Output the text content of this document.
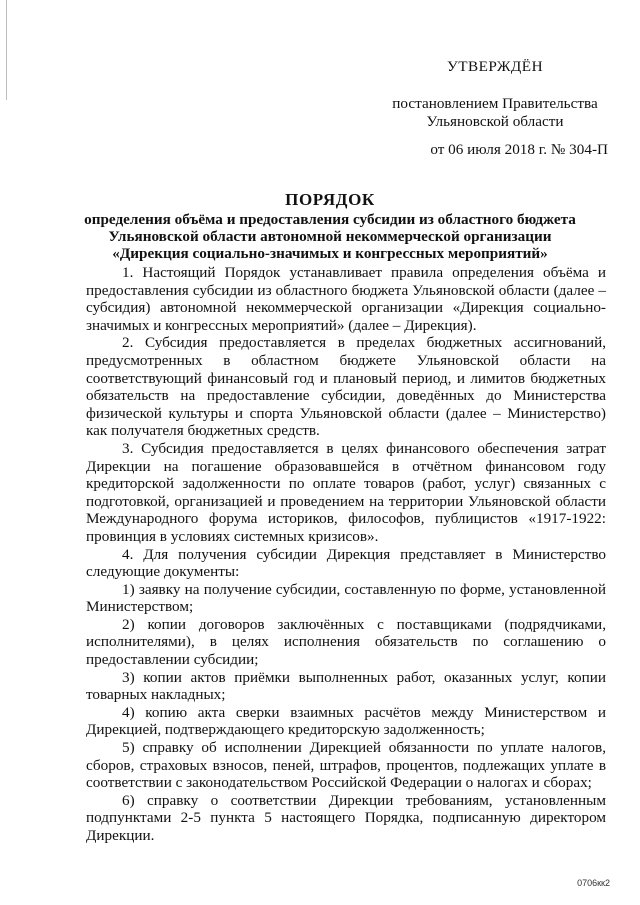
УТВЕРЖДЁН
постановлением Правительства Ульяновской области
от 06 июля 2018 г. № 304-П
ПОРЯДОК
определения объёма и предоставления субсидии из областного бюджета Ульяновской области автономной некоммерческой организации «Дирекция социально-значимых и конгрессных мероприятий»

1. Настоящий Порядок устанавливает правила определения объёма и предоставления субсидии из областного бюджета Ульяновской области (далее – субсидия) автономной некоммерческой организации «Дирекция социально-значимых и конгрессных мероприятий» (далее – Дирекция).

2. Субсидия предоставляется в пределах бюджетных ассигнований, предусмотренных в областном бюджете Ульяновской области на соответствующий финансовый год и плановый период, и лимитов бюджетных обязательств на предоставление субсидии, доведённых до Министерства физической культуры и спорта Ульяновской области (далее – Министерство) как получателя бюджетных средств.

3. Субсидия предоставляется в целях финансового обеспечения затрат Дирекции на погашение образовавшейся в отчётном финансовом году кредиторской задолженности по оплате товаров (работ, услуг) связанных с подготовкой, организацией и проведением на территории Ульяновской области Международного форума историков, философов, публицистов «1917-1922: провинция в условиях системных кризисов».

4. Для получения субсидии Дирекция представляет в Министерство следующие документы:

1) заявку на получение субсидии, составленную по форме, установленной Министерством;

2) копии договоров заключённых с поставщиками (подрядчиками, исполнителями), в целях исполнения обязательств по соглашению о предоставлении субсидии;

3) копии актов приёмки выполненных работ, оказанных услуг, копии товарных накладных;

4) копию акта сверки взаимных расчётов между Министерством и Дирекцией, подтверждающего кредиторскую задолженность;

5) справку об исполнении Дирекцией обязанности по уплате налогов, сборов, страховых взносов, пеней, штрафов, процентов, подлежащих уплате в соответствии с законодательством Российской Федерации о налогах и сборах;

6) справку о соответствии Дирекции требованиям, установленным подпунктами 2-5 пункта 5 настоящего Порядка, подписанную директором Дирекции.

0706кк2
